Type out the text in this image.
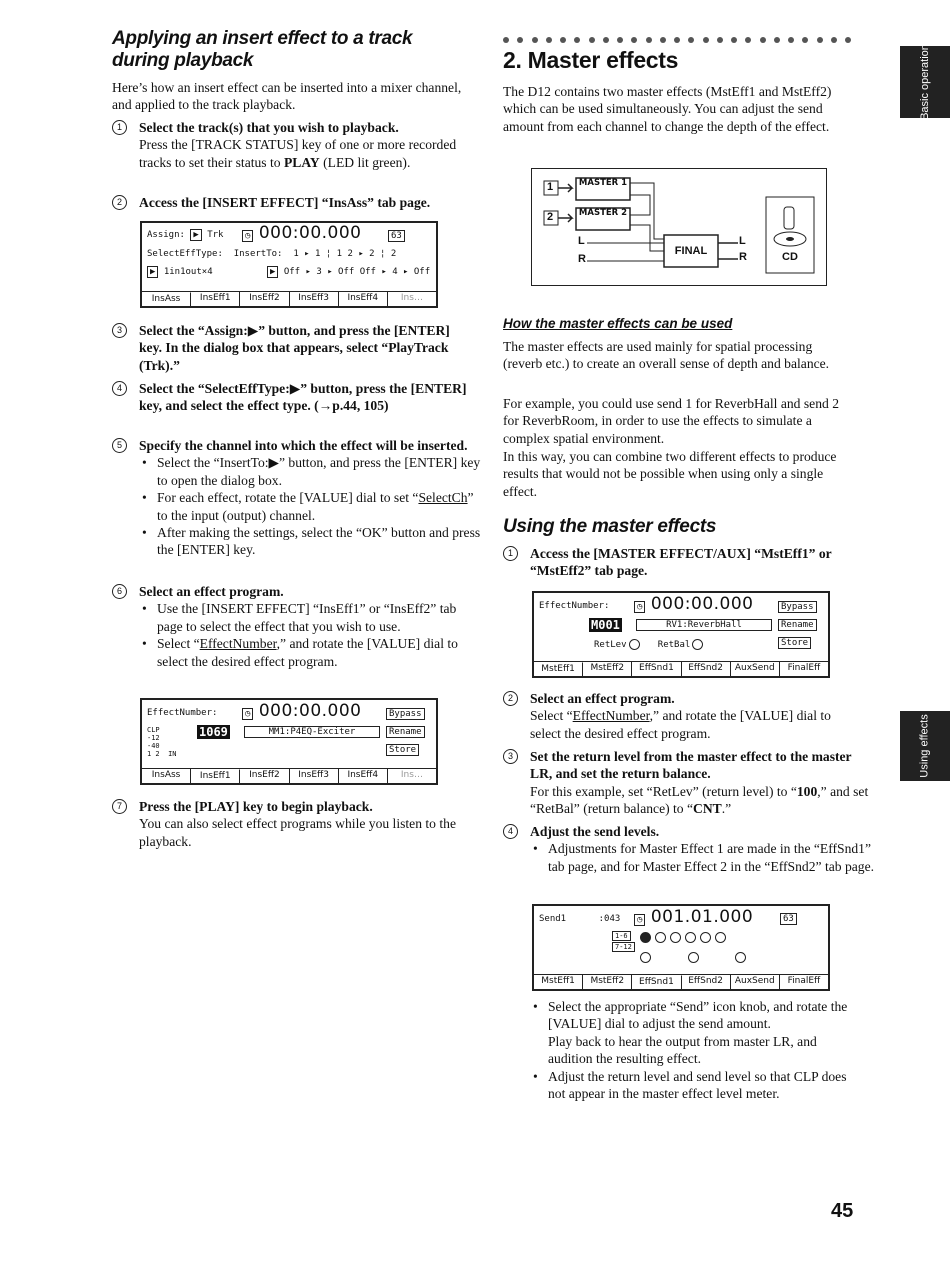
Applying an insert effect to a track during playback

Here’s how an insert effect can be inserted into a mixer channel, and applied to the track playback.

1	Select the track(s) that you wish to playback.
Press the [TRACK STATUS] key of one or more recorded tracks to set their status to PLAY (LED lit green).
2	Access the [INSERT EFFECT] “InsAss” tab page.
3	Select the “Assign:▶” button, and press the [ENTER] key. In the dialog box that appears, select “PlayTrack (Trk).”
4	Select the “SelectEffType:▶” button, press the [ENTER] key, and select the effect type. (→p.44, 105)
5	Specify the channel into which the effect will be inserted.
• Select the “InsertTo:▶” button, and press the [ENTER] key to open the dialog box.
• For each effect, rotate the [VALUE] dial to set “SelectCh” to the input (output) channel.
• After making the settings, select the “OK” button and press the [ENTER] key.
6	Select an effect program.
• Use the [INSERT EFFECT] “InsEff1” or “InsEff2” tab page to select the effect that you wish to use.
• Select “EffectNumber,” and rotate the [VALUE] dial to select the desired effect program.
7	Press the [PLAY] key to begin playback.
You can also select effect programs while you listen to the playback.
Assign: ▶ Trk	◷ 000:00.000	63
SelectEffType: InsertTo: 1 ▸ 1 ¦ 1 2 ▸ 2 ¦ 2
▶ 1in1out×4	▶ Off ▸ 3 ▸ Off Off ▸ 4 ▸ Off
InsAss	InsEff1	InsEff2	InsEff3	InsEff4	Ins…
EffectNumber:	◷ 000:00.000	Bypass
Rename
Store
CLP
-12
-40
1 2  IN
1069	MM1:P4EQ-Exciter
InsAss	InsEff1	InsEff2	InsEff3	InsEff4	Ins…
2. Master effects

The D12 contains two master effects (MstEff1 and MstEff2) which can be used simultaneously. You can adjust the send amount from each channel to change the depth of the effect.

1
2
MASTER 1
MASTER 2
L
R
FINAL
L
R	CD
How the master effects can be used

The master effects are used mainly for spatial processing (reverb etc.) to create an overall sense of depth and balance.

For example, you could use send 1 for ReverbHall and send 2 for ReverbRoom, in order to use the effects to simulate a complex spatial environment.

In this way, you can combine two different effects to produce results that would not be possible when using only a single effect.

Using the master effects
1	Access the [MASTER EFFECT/AUX] “MstEff1” or “MstEff2” tab page.
2	Select an effect program.
Select “EffectNumber,” and rotate the [VALUE] dial to select the desired effect program.
3	Set the return level from the master effect to the master LR, and set the return balance.
For this example, set “RetLev” (return level) to “100,” and set “RetBal” (return balance) to “CNT.”
4	Adjust the send levels.
• Adjustments for Master Effect 1 are made in the “EffSnd1” tab page, and for Master Effect 2 in the “EffSnd2” tab page.
• Select the appropriate “Send” icon knob, and rotate the [VALUE] dial to adjust the send amount.
Play back to hear the output from master LR, and audition the resulting effect.
• Adjust the return level and send level so that CLP does not appear in the master effect level meter.
EffectNumber:	◷ 000:00.000	Bypass
Rename
Store
M001	RV1:ReverbHall
RetLev	RetBal
MstEff1	MstEff2	EffSnd1	EffSnd2	AuxSend	FinalEff
Send1	:043	◷ 001.01.000	63
1-6
7-12

MstEff1	MstEff2	EffSnd1	EffSnd2	AuxSend	FinalEff
Basic operation
Using effects
45
